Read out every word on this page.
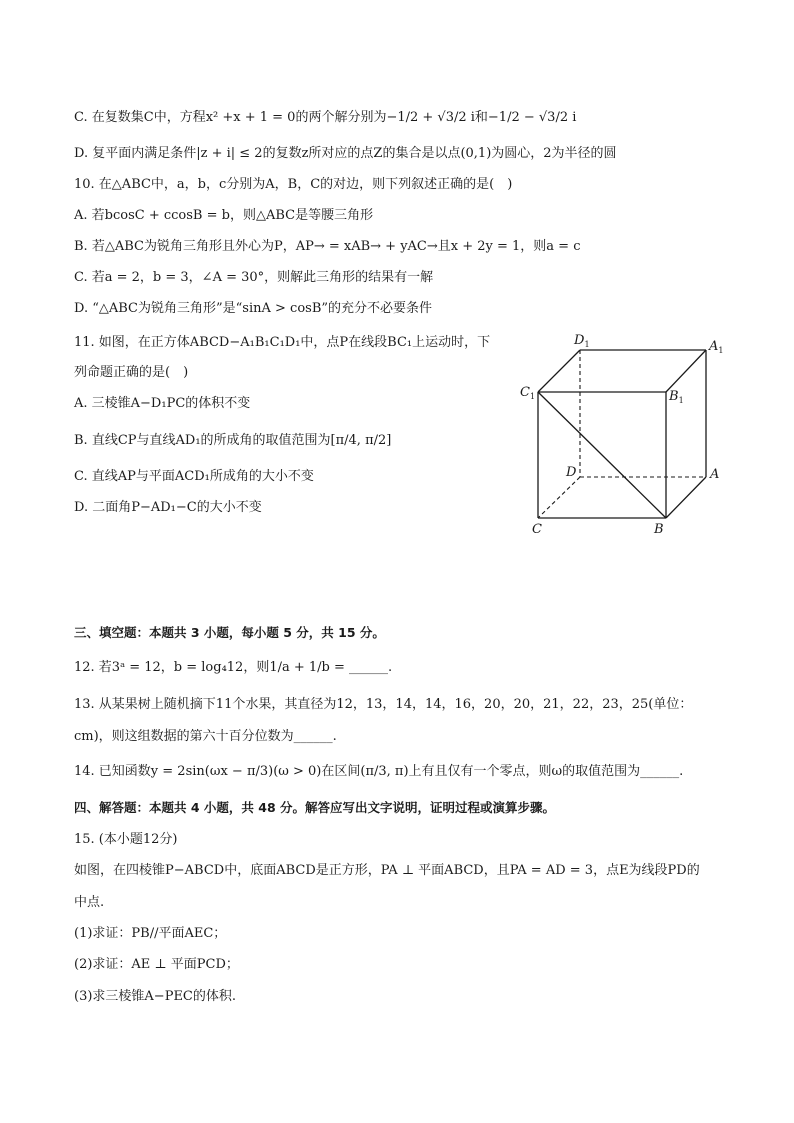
C. 在复数集C中，方程x² +x + 1 = 0的两个解分别为−1/2 + √3/2 i和−1/2 − √3/2 i
D. 复平面内满足条件|z + i| ≤ 2的复数z所对应的点Z的集合是以点(0,1)为圆心，2为半径的圆
10. 在△ABC中，a，b，c分别为A，B，C的对边，则下列叙述正确的是(　)
A. 若bcosC + ccosB = b，则△ABC是等腰三角形
B. 若△ABC为锐角三角形且外心为P，AP→ = xAB→ + yAC→且x + 2y = 1，则a = c
C. 若a = 2，b = 3，∠A = 30°，则解此三角形的结果有一解
D. “△ABC为锐角三角形”是“sinA > cosB”的充分不必要条件
11. 如图，在正方体ABCD−A₁B₁C₁D₁中，点P在线段BC₁上运动时，下
列命题正确的是(　)
A. 三棱锥A−D₁PC的体积不变
B. 直线CP与直线AD₁的所成角的取值范围为[π/4, π/2]
C. 直线AP与平面ACD₁所成角的大小不变
D. 二面角P−AD₁−C的大小不变
$D_1$	$A_1$
$C_1$	$B_1$
D	A
C	B
三、填空题：本题共 3 小题，每小题 5 分，共 15 分。
12. 若3ᵃ = 12，b = log₄12，则1/a + 1/b = ______.
13. 从某果树上随机摘下11个水果，其直径为12，13，14，14，16，20，20，21，22，23，25(单位：
cm)，则这组数据的第六十百分位数为______.
14. 已知函数y = 2sin(ωx − π/3)(ω > 0)在区间(π/3, π)上有且仅有一个零点，则ω的取值范围为______.
四、解答题：本题共 4 小题，共 48 分。解答应写出文字说明，证明过程或演算步骤。
15. (本小题12分)
如图，在四棱锥P−ABCD中，底面ABCD是正方形，PA ⊥ 平面ABCD，且PA = AD = 3，点E为线段PD的
中点.
(1)求证：PB//平面AEC；
(2)求证：AE ⊥ 平面PCD；
(3)求三棱锥A−PEC的体积.
